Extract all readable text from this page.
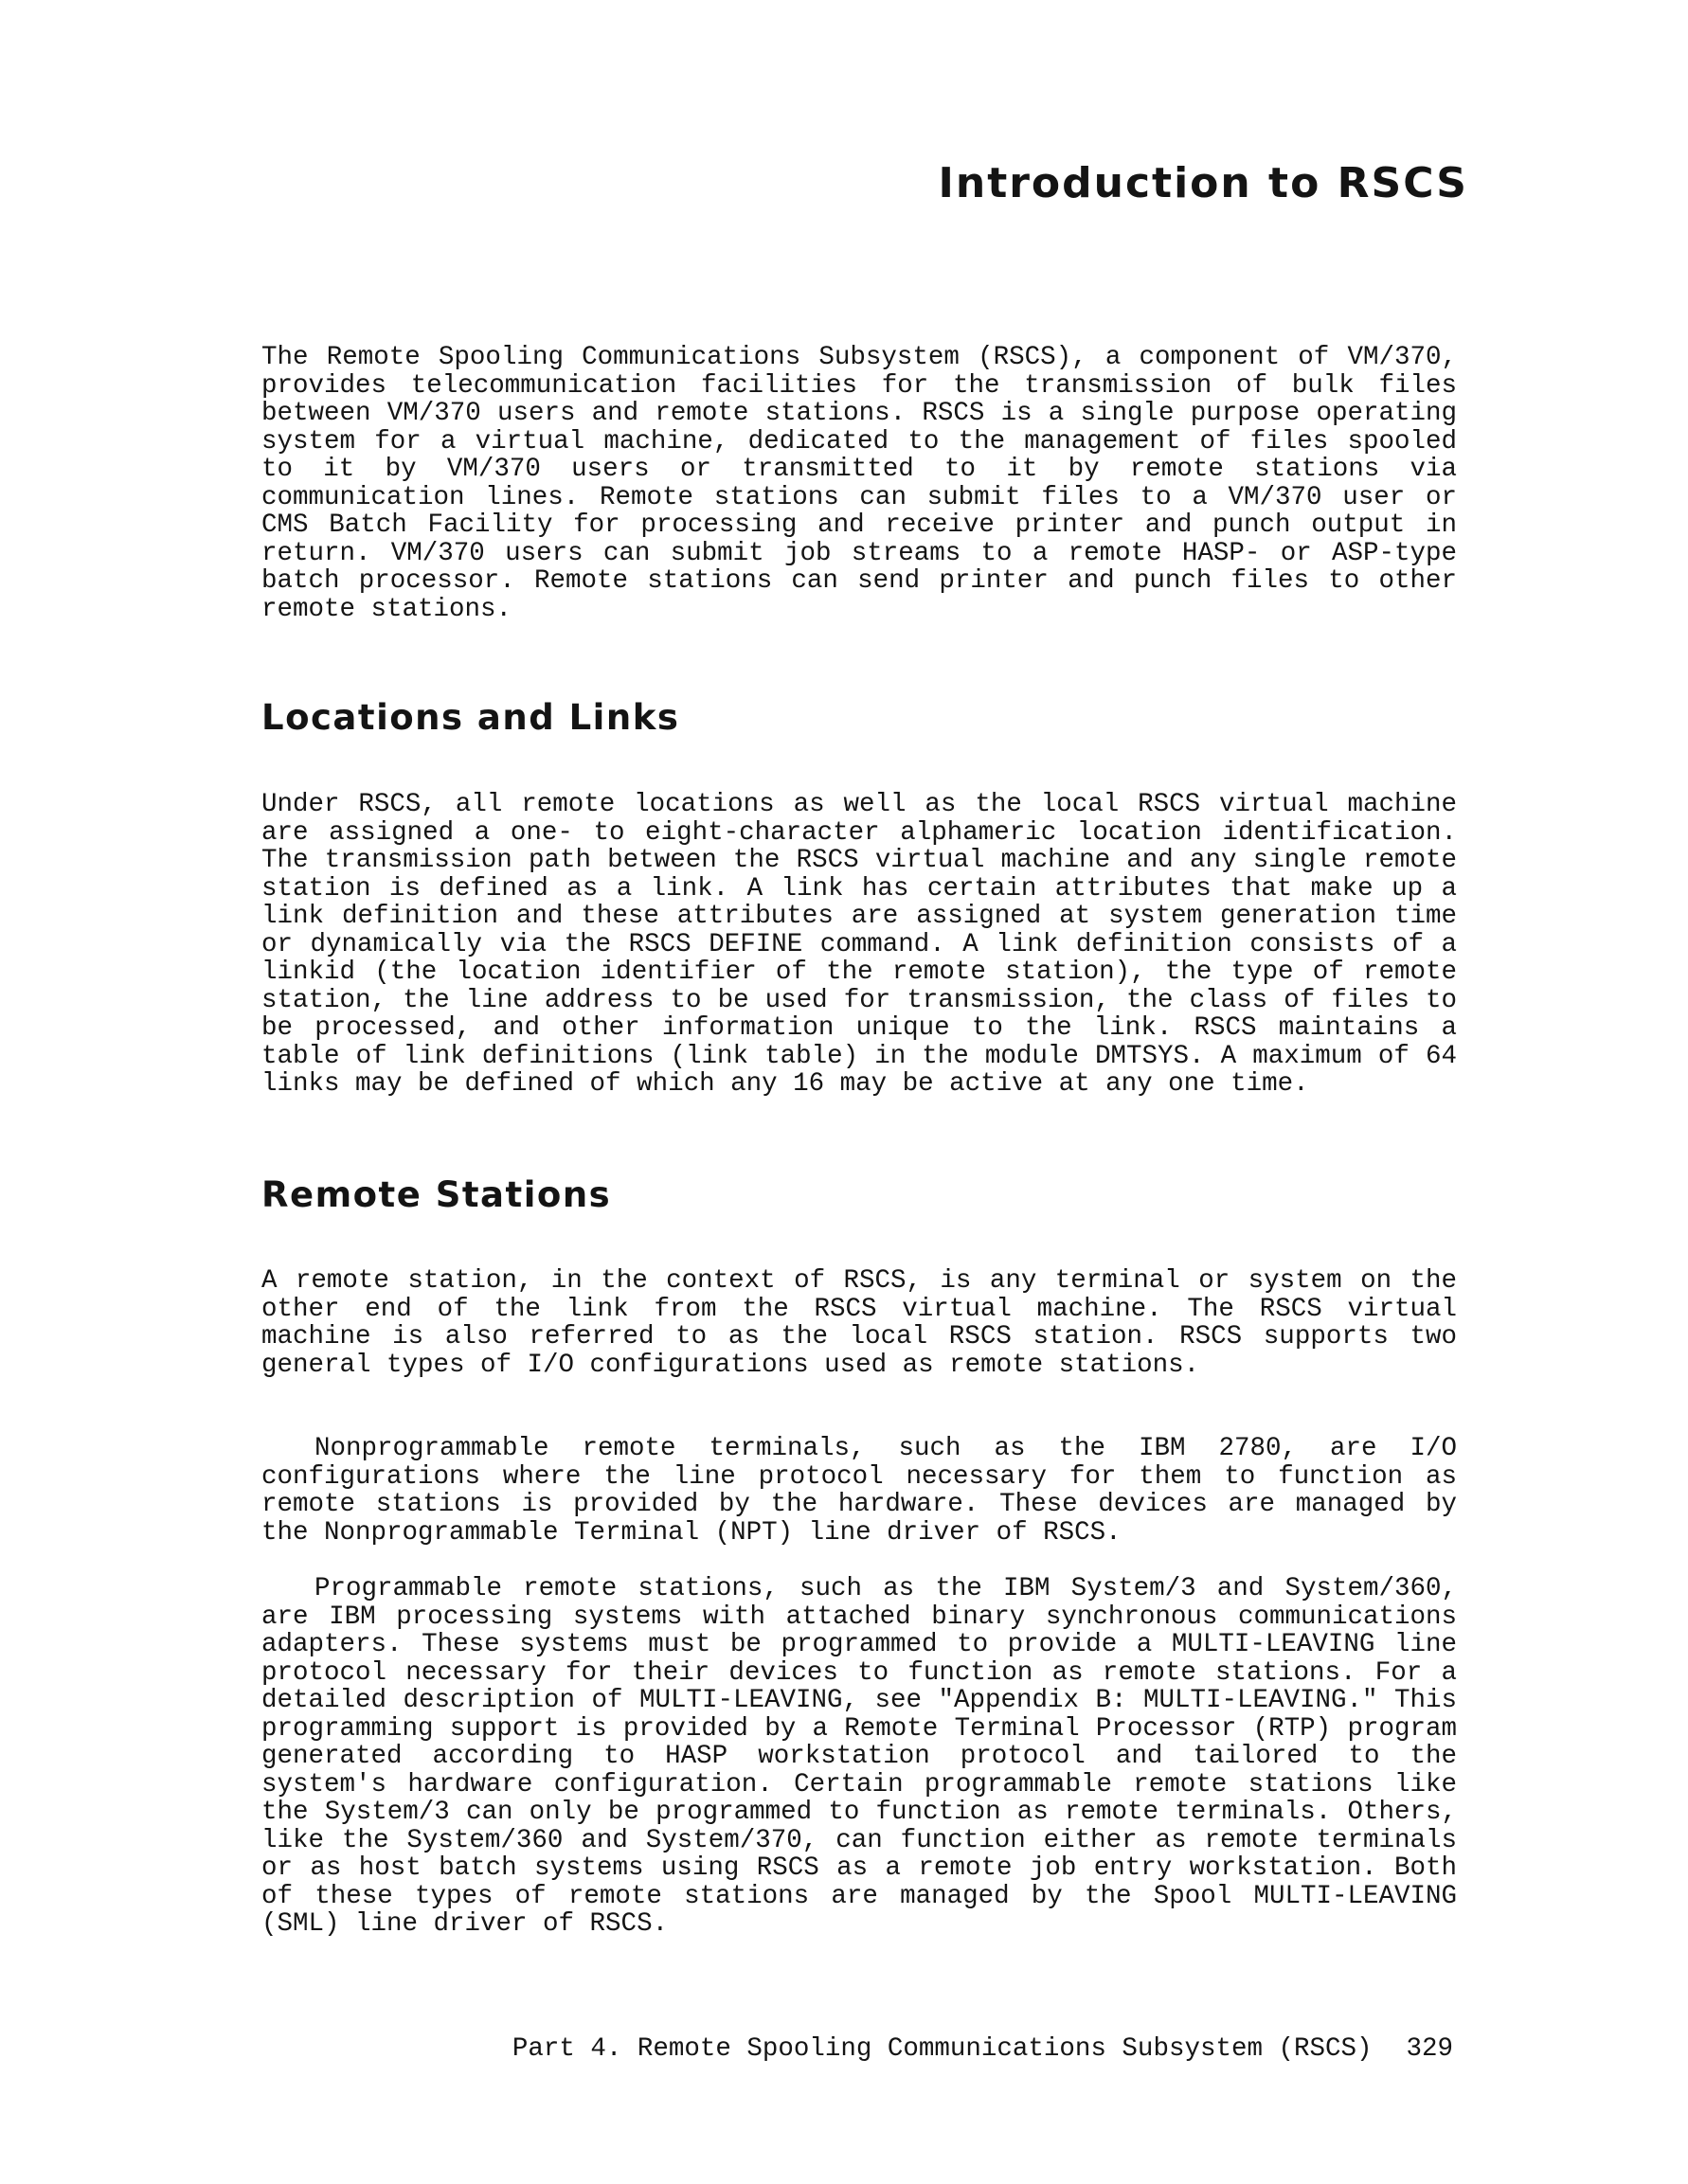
Introduction to RSCS

The Remote Spooling Communications Subsystem (RSCS), a component of VM/370, provides telecommunication facilities for the transmission of bulk files between VM/370 users and remote stations. RSCS is a single purpose operating system for a virtual machine, dedicated to the management of files spooled to it by VM/370 users or transmitted to it by remote stations via communication lines. Remote stations can submit files to a VM/370 user or CMS Batch Facility for processing and receive printer and punch output in return. VM/370 users can submit job streams to a remote HASP- or ASP-type batch processor. Remote stations can send printer and punch files to other remote stations.

Locations and Links

Under RSCS, all remote locations as well as the local RSCS virtual machine are assigned a one- to eight-character alphameric location identification. The transmission path between the RSCS virtual machine and any single remote station is defined as a link. A link has certain attributes that make up a link definition and these attributes are assigned at system generation time or dynamically via the RSCS DEFINE command. A link definition consists of a linkid (the location identifier of the remote station), the type of remote station, the line address to be used for transmission, the class of files to be processed, and other information unique to the link. RSCS maintains a table of link definitions (link table) in the module DMTSYS. A maximum of 64 links may be defined of which any 16 may be active at any one time.

Remote Stations

A remote station, in the context of RSCS, is any terminal or system on the other end of the link from the RSCS virtual machine. The RSCS virtual machine is also referred to as the local RSCS station. RSCS supports two general types of I/O configurations used as remote stations.

Nonprogrammable remote terminals, such as the IBM 2780, are I/O configurations where the line protocol necessary for them to function as remote stations is provided by the hardware. These devices are managed by the Nonprogrammable Terminal (NPT) line driver of RSCS.

Programmable remote stations, such as the IBM System/3 and System/360, are IBM processing systems with attached binary synchronous communications adapters. These systems must be programmed to provide a MULTI-LEAVING line protocol necessary for their devices to function as remote stations. For a detailed description of MULTI-LEAVING, see "Appendix B: MULTI-LEAVING." This programming support is provided by a Remote Terminal Processor (RTP) program generated according to HASP workstation protocol and tailored to the system's hardware configuration. Certain programmable remote stations like the System/3 can only be programmed to function as remote terminals. Others, like the System/360 and System/370, can function either as remote terminals or as host batch systems using RSCS as a remote job entry workstation. Both of these types of remote stations are managed by the Spool MULTI-LEAVING (SML) line driver of RSCS.

Part 4. Remote Spooling Communications Subsystem (RSCS) 329
